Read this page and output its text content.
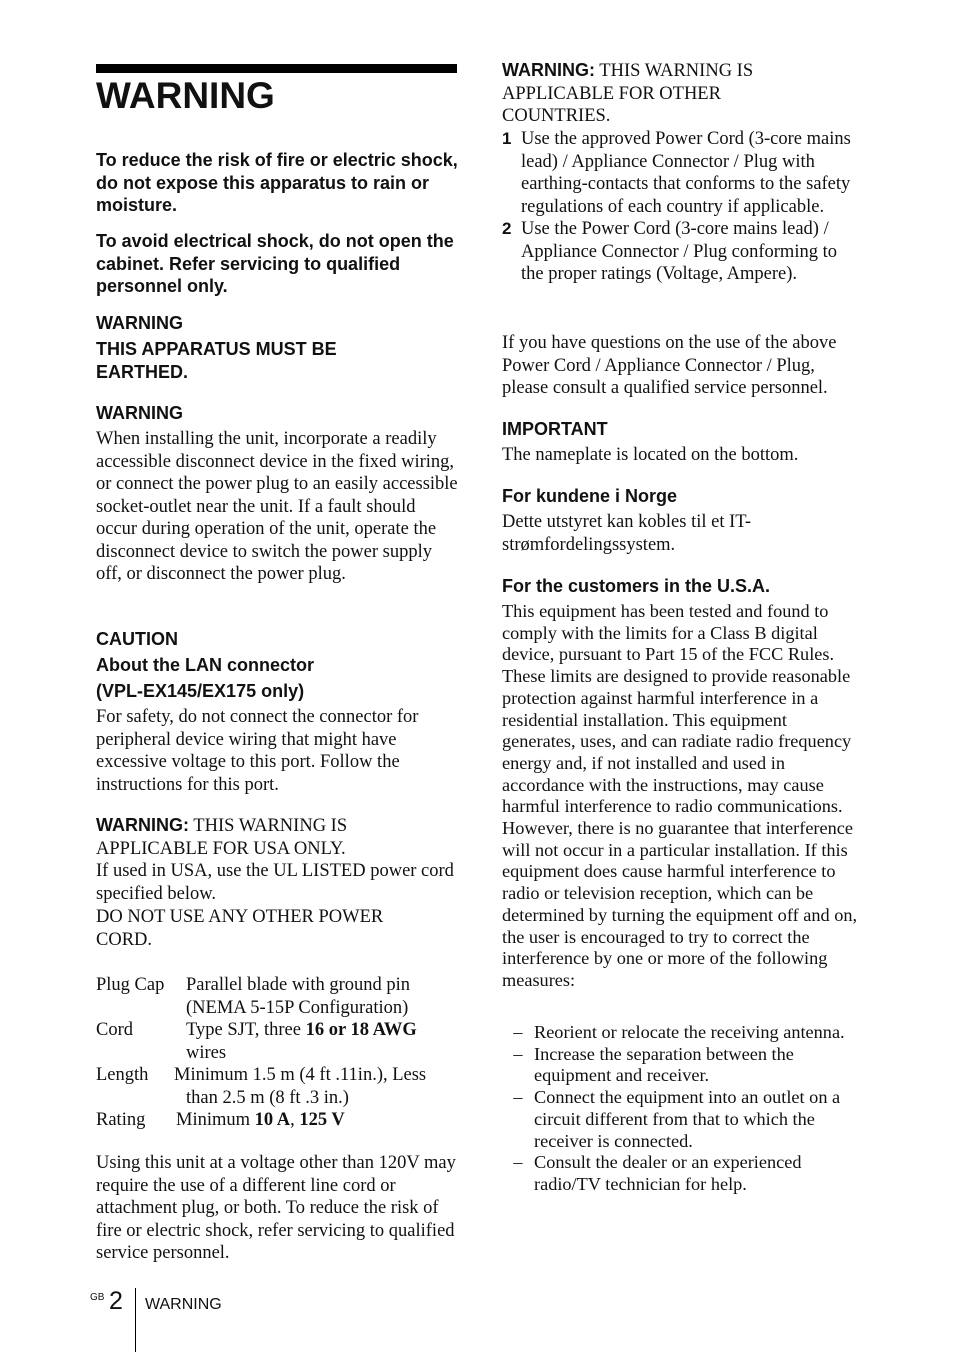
WARNING
To reduce the risk of fire or electric shock, do not expose this apparatus to rain or moisture.
To avoid electrical shock, do not open the cabinet. Refer servicing to qualified personnel only.
WARNING
THIS APPARATUS MUST BE EARTHED.
WARNING
When installing the unit, incorporate a readily accessible disconnect device in the fixed wiring, or connect the power plug to an easily accessible socket-outlet near the unit. If a fault should occur during operation of the unit, operate the disconnect device to switch the power supply off, or disconnect the power plug.
CAUTION
About the LAN connector
(VPL-EX145/EX175 only)
For safety, do not connect the connector for peripheral device wiring that might have excessive voltage to this port. Follow the instructions for this port.

WARNING: THIS WARNING IS APPLICABLE FOR USA ONLY.

If used in USA, use the UL LISTED power cord specified below.
DO NOT USE ANY OTHER POWER CORD.
Plug Cap	Parallel blade with ground pin
(NEMA 5-15P Configuration)
Cord	Type SJT, three 16 or 18 AWG
wires
Length	Minimum 1.5 m (4 ft .11in.), Less
than 2.5 m (8 ft .3 in.)
Rating	Minimum 10 A, 125 V
Using this unit at a voltage other than 120V may require the use of a different line cord or attachment plug, or both. To reduce the risk of fire or electric shock, refer servicing to qualified service personnel.

WARNING: THIS WARNING IS APPLICABLE FOR OTHER COUNTRIES.

1 Use the approved Power Cord (3-core mains lead) / Appliance Connector / Plug with earthing-contacts that conforms to the safety regulations of each country if applicable.
2 Use the Power Cord (3-core mains lead) / Appliance Connector / Plug conforming to the proper ratings (Voltage, Ampere).
If you have questions on the use of the above Power Cord / Appliance Connector / Plug, please consult a qualified service personnel.
IMPORTANT
The nameplate is located on the bottom.
For kundene i Norge
Dette utstyret kan kobles til et IT-strømfordelingssystem.
For the customers in the U.S.A.
This equipment has been tested and found to comply with the limits for a Class B digital device, pursuant to Part 15 of the FCC Rules. These limits are designed to provide reasonable protection against harmful interference in a residential installation. This equipment generates, uses, and can radiate radio frequency energy and, if not installed and used in accordance with the instructions, may cause harmful interference to radio communications. However, there is no guarantee that interference will not occur in a particular installation. If this equipment does cause harmful interference to radio or television reception, which can be determined by turning the equipment off and on, the user is encouraged to try to correct the interference by one or more of the following measures:
– Reorient or relocate the receiving antenna.
– Increase the separation between the equipment and receiver.
– Connect the equipment into an outlet on a circuit different from that to which the receiver is connected.
– Consult the dealer or an experienced radio/TV technician for help.
GB 2 WARNING
